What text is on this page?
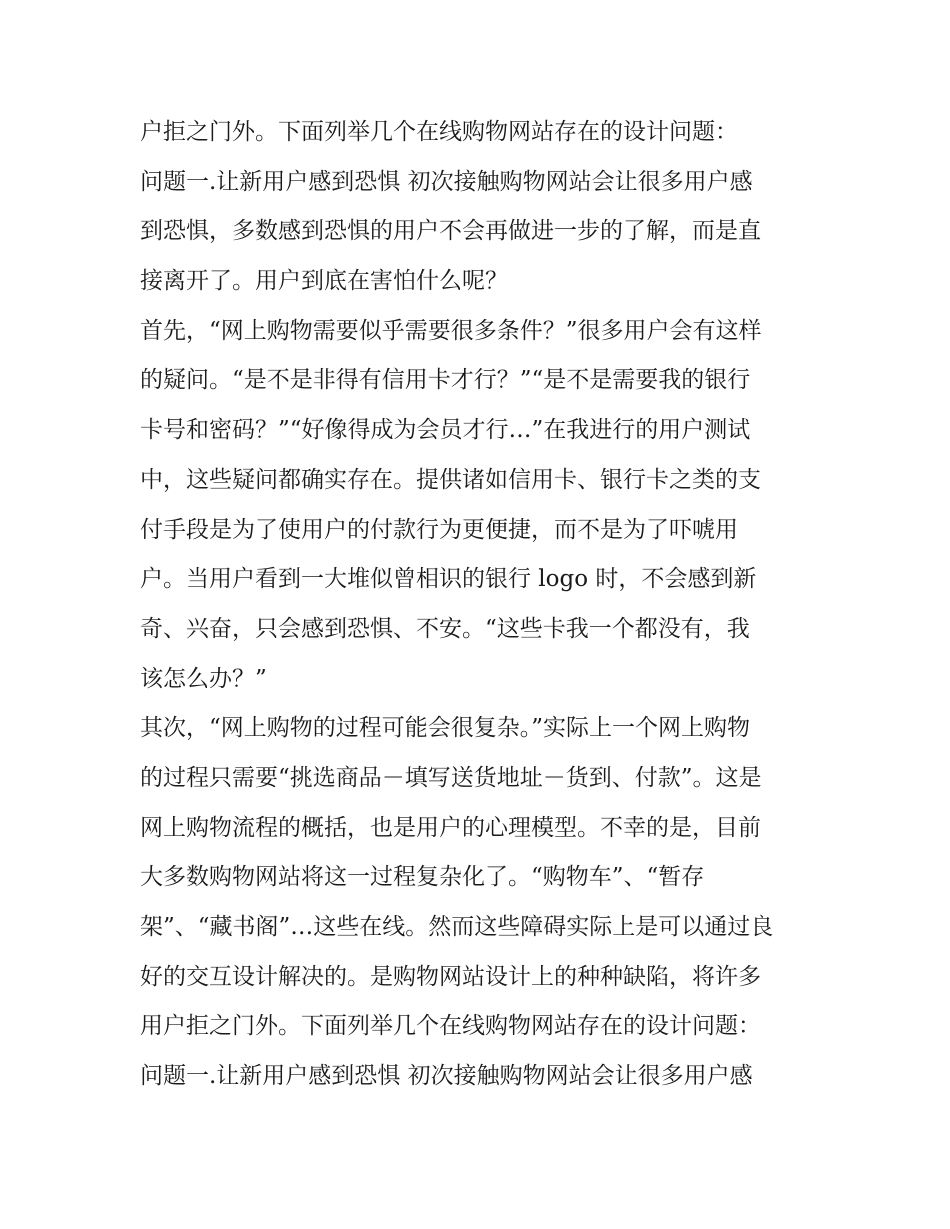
户拒之门外。下面列举几个在线购物网站存在的设计问题：
问题一.让新用户感到恐惧 初次接触购物网站会让很多用户感
到恐惧，多数感到恐惧的用户不会再做进一步的了解，而是直
接离开了。用户到底在害怕什么呢？
首先，“网上购物需要似乎需要很多条件？”很多用户会有这样
的疑问。“是不是非得有信用卡才行？”“是不是需要我的银行
卡号和密码？”“好像得成为会员才行…”在我进行的用户测试
中，这些疑问都确实存在。提供诸如信用卡、银行卡之类的支
付手段是为了使用户的付款行为更便捷，而不是为了吓唬用
户。当用户看到一大堆似曾相识的银行 logo 时，不会感到新
奇、兴奋，只会感到恐惧、不安。“这些卡我一个都没有，我
该怎么办？”
其次，“网上购物的过程可能会很复杂。”实际上一个网上购物
的过程只需要“挑选商品－填写送货地址－货到、付款”。这是
网上购物流程的概括，也是用户的心理模型。不幸的是，目前
大多数购物网站将这一过程复杂化了。“购物车”、“暂存
架”、“藏书阁”…这些在线。然而这些障碍实际上是可以通过良
好的交互设计解决的。是购物网站设计上的种种缺陷，将许多
用户拒之门外。下面列举几个在线购物网站存在的设计问题：
问题一.让新用户感到恐惧 初次接触购物网站会让很多用户感
